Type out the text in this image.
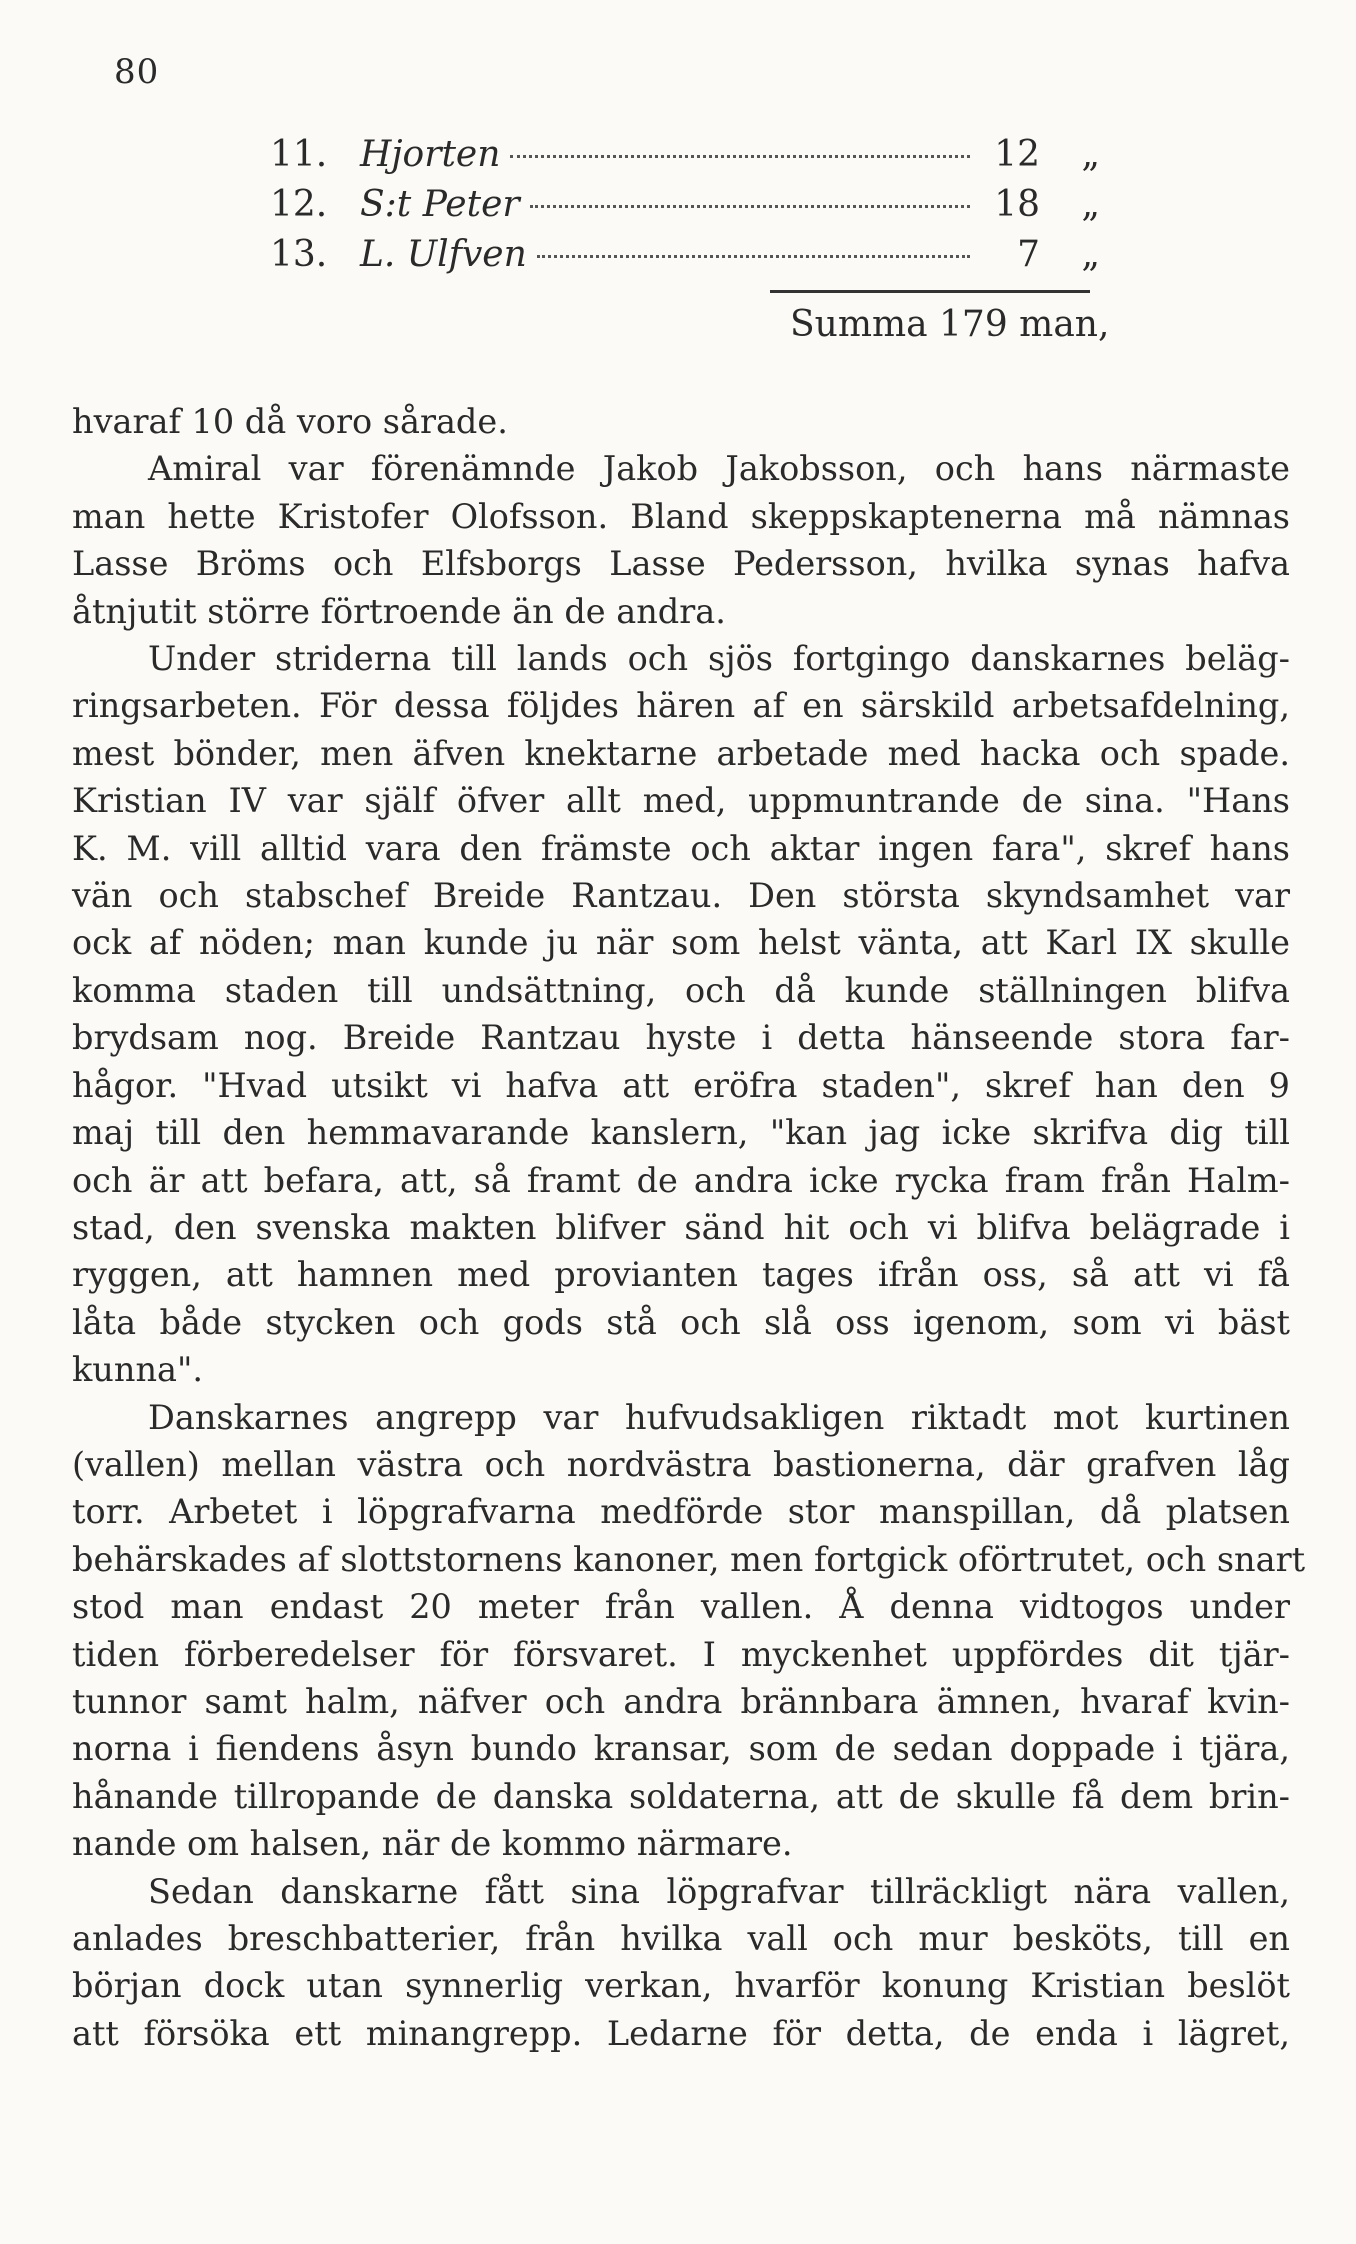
80
11. Hjorten	12	„
12. S:t Peter	18	„
13. L. Ulfven	7	„
Summa 179 man,
hvaraf 10 då voro sårade.
Amiral var förenämnde Jakob Jakobsson, och hans närmaste
man hette Kristofer Olofsson. Bland skeppskaptenerna må nämnas
Lasse Bröms och Elfsborgs Lasse Pedersson, hvilka synas hafva
åtnjutit större förtroende än de andra.
Under striderna till lands och sjös fortgingo danskarnes beläg-
ringsarbeten. För dessa följdes hären af en särskild arbetsafdelning,
mest bönder, men äfven knektarne arbetade med hacka och spade.
Kristian IV var själf öfver allt med, uppmuntrande de sina. "Hans
K. M. vill alltid vara den främste och aktar ingen fara", skref hans
vän och stabschef Breide Rantzau. Den största skyndsamhet var
ock af nöden; man kunde ju när som helst vänta, att Karl IX skulle
komma staden till undsättning, och då kunde ställningen blifva
brydsam nog. Breide Rantzau hyste i detta hänseende stora far-
hågor. "Hvad utsikt vi hafva att eröfra staden", skref han den 9
maj till den hemmavarande kanslern, "kan jag icke skrifva dig till
och är att befara, att, så framt de andra icke rycka fram från Halm-
stad, den svenska makten blifver sänd hit och vi blifva belägrade i
ryggen, att hamnen med provianten tages ifrån oss, så att vi få
låta både stycken och gods stå och slå oss igenom, som vi bäst
kunna".
Danskarnes angrepp var hufvudsakligen riktadt mot kurtinen
(vallen) mellan västra och nordvästra bastionerna, där grafven låg
torr. Arbetet i löpgrafvarna medförde stor manspillan, då platsen
behärskades af slottstornens kanoner, men fortgick oförtrutet, och snart
stod man endast 20 meter från vallen. Å denna vidtogos under
tiden förberedelser för försvaret. I myckenhet uppfördes dit tjär-
tunnor samt halm, näfver och andra brännbara ämnen, hvaraf kvin-
norna i fiendens åsyn bundo kransar, som de sedan doppade i tjära,
hånande tillropande de danska soldaterna, att de skulle få dem brin-
nande om halsen, när de kommo närmare.
Sedan danskarne fått sina löpgrafvar tillräckligt nära vallen,
anlades breschbatterier, från hvilka vall och mur besköts, till en
början dock utan synnerlig verkan, hvarför konung Kristian beslöt
att försöka ett minangrepp. Ledarne för detta, de enda i lägret,
